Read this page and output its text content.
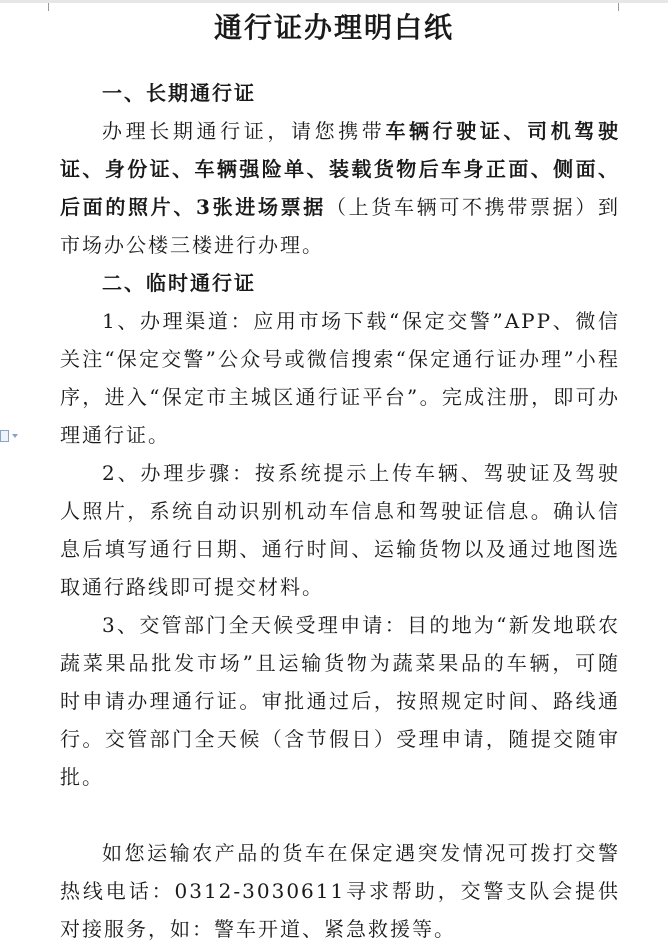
通行证办理明白纸

一、长期通行证

办理长期通行证，请您携带车辆行驶证、司机驾驶证、身份证、车辆强险单、装载货物后车身正面、侧面、后面的照片、3张进场票据（上货车辆可不携带票据）到市场办公楼三楼进行办理。

二、临时通行证

1、办理渠道：应用市场下载“保定交警”APP、微信关注“保定交警”公众号或微信搜索“保定通行证办理”小程序，进入“保定市主城区通行证平台”。完成注册，即可办理通行证。

2、办理步骤：按系统提示上传车辆、驾驶证及驾驶人照片，系统自动识别机动车信息和驾驶证信息。确认信息后填写通行日期、通行时间、运输货物以及通过地图选取通行路线即可提交材料。

3、交管部门全天候受理申请：目的地为“新发地联农蔬菜果品批发市场”且运输货物为蔬菜果品的车辆，可随时申请办理通行证。审批通过后，按照规定时间、路线通行。交管部门全天候（含节假日）受理申请，随提交随审批。

如您运输农产品的货车在保定遇突发情况可拨打交警热线电话：0312-3030611寻求帮助，交警支队会提供对接服务，如：警车开道、紧急救援等。
